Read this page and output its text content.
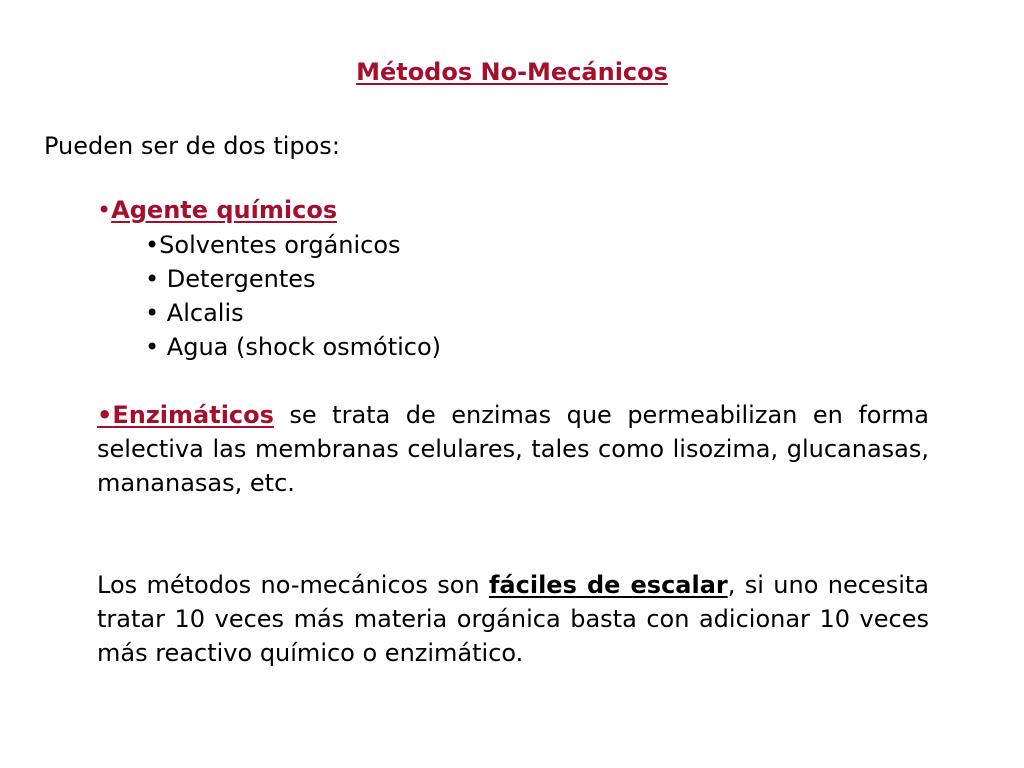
Métodos No-Mecánicos
Pueden ser de dos tipos:
•Agente químicos
•Solventes orgánicos
• Detergentes
• Alcalis
• Agua (shock osmótico)
•Enzimáticos se trata de enzimas que permeabilizan en forma selectiva las membranas celulares, tales como lisozima, glucanasas, mananasas, etc.
Los métodos no-mecánicos son fáciles de escalar, si uno necesita tratar 10 veces más materia orgánica basta con adicionar 10 veces más reactivo químico o enzimático.
